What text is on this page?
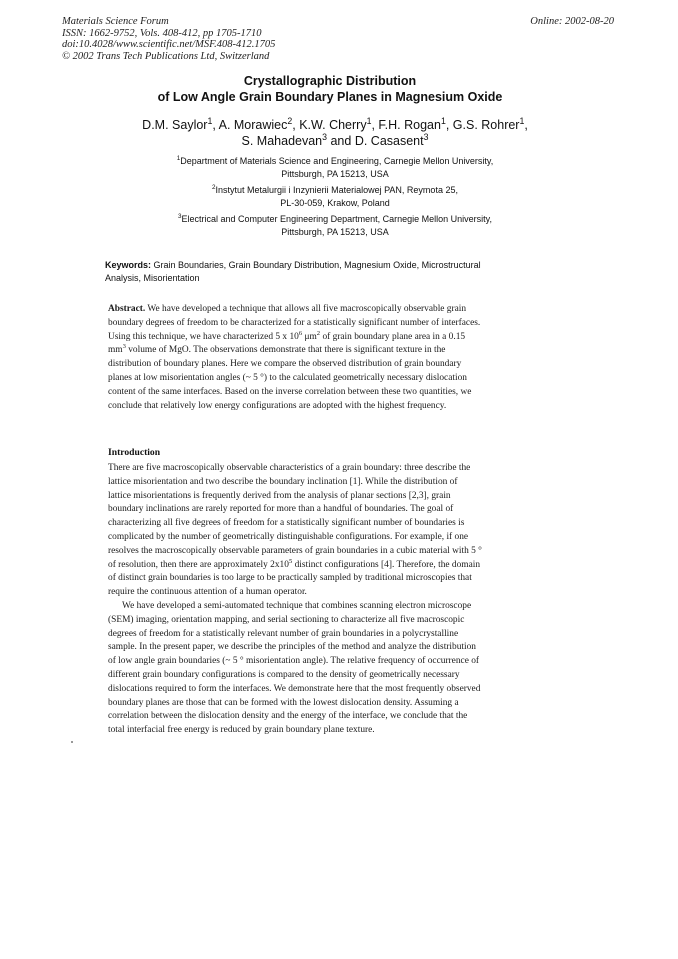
Materials Science Forum
ISSN: 1662-9752, Vols. 408-412, pp 1705-1710
doi:10.4028/www.scientific.net/MSF.408-412.1705
© 2002 Trans Tech Publications Ltd, Switzerland
Online: 2002-08-20
Crystallographic Distribution
of Low Angle Grain Boundary Planes in Magnesium Oxide
D.M. Saylor$^1$, A. Morawiec$^2$, K.W. Cherry$^1$, F.H. Rogan$^1$, G.S. Rohrer$^1$,
S. Mahadevan$^3$ and D. Casasent$^3$
$^1$Department of Materials Science and Engineering, Carnegie Mellon University,
Pittsburgh, PA 15213, USA
$^2$Instytut Metalurgii i Inzynierii Materialowej PAN, Reymota 25,
PL-30-059, Krakow, Poland
$^3$Electrical and Computer Engineering Department, Carnegie Mellon University,
Pittsburgh, PA 15213, USA
Keywords: Grain Boundaries, Grain Boundary Distribution, Magnesium Oxide, Microstructural
Analysis, Misorientation
Abstract. We have developed a technique that allows all five macroscopically observable grain
boundary degrees of freedom to be characterized for a statistically significant number of interfaces.
Using this technique, we have characterized 5 x $10^6$ $\mu m^2$ of grain boundary plane area in a 0.15
$mm^3$ volume of MgO. The observations demonstrate that there is significant texture in the
distribution of boundary planes. Here we compare the observed distribution of grain boundary
planes at low misorientation angles (~ 5 °) to the calculated geometrically necessary dislocation
content of the same interfaces. Based on the inverse correlation between these two quantities, we
conclude that relatively low energy configurations are adopted with the highest frequency.
Introduction
There are five macroscopically observable characteristics of a grain boundary: three describe the
lattice misorientation and two describe the boundary inclination [1]. While the distribution of
lattice misorientations is frequently derived from the analysis of planar sections [2,3], grain
boundary inclinations are rarely reported for more than a handful of boundaries. The goal of
characterizing all five degrees of freedom for a statistically significant number of boundaries is
complicated by the number of geometrically distinguishable configurations. For example, if one
resolves the macroscopically observable parameters of grain boundaries in a cubic material with 5 °
of resolution, then there are approximately $2x10^5$ distinct configurations [4]. Therefore, the domain
of distinct grain boundaries is too large to be practically sampled by traditional microscopies that
require the continuous attention of a human operator.
We have developed a semi-automated technique that combines scanning electron microscope
(SEM) imaging, orientation mapping, and serial sectioning to characterize all five macroscopic
degrees of freedom for a statistically relevant number of grain boundaries in a polycrystalline
sample. In the present paper, we describe the principles of the method and analyze the distribution
of low angle grain boundaries (~ 5 ° misorientation angle). The relative frequency of occurrence of
different grain boundary configurations is compared to the density of geometrically necessary
dislocations required to form the interfaces. We demonstrate here that the most frequently observed
boundary planes are those that can be formed with the lowest dislocation density. Assuming a
correlation between the dislocation density and the energy of the interface, we conclude that the
total interfacial free energy is reduced by grain boundary plane texture.
